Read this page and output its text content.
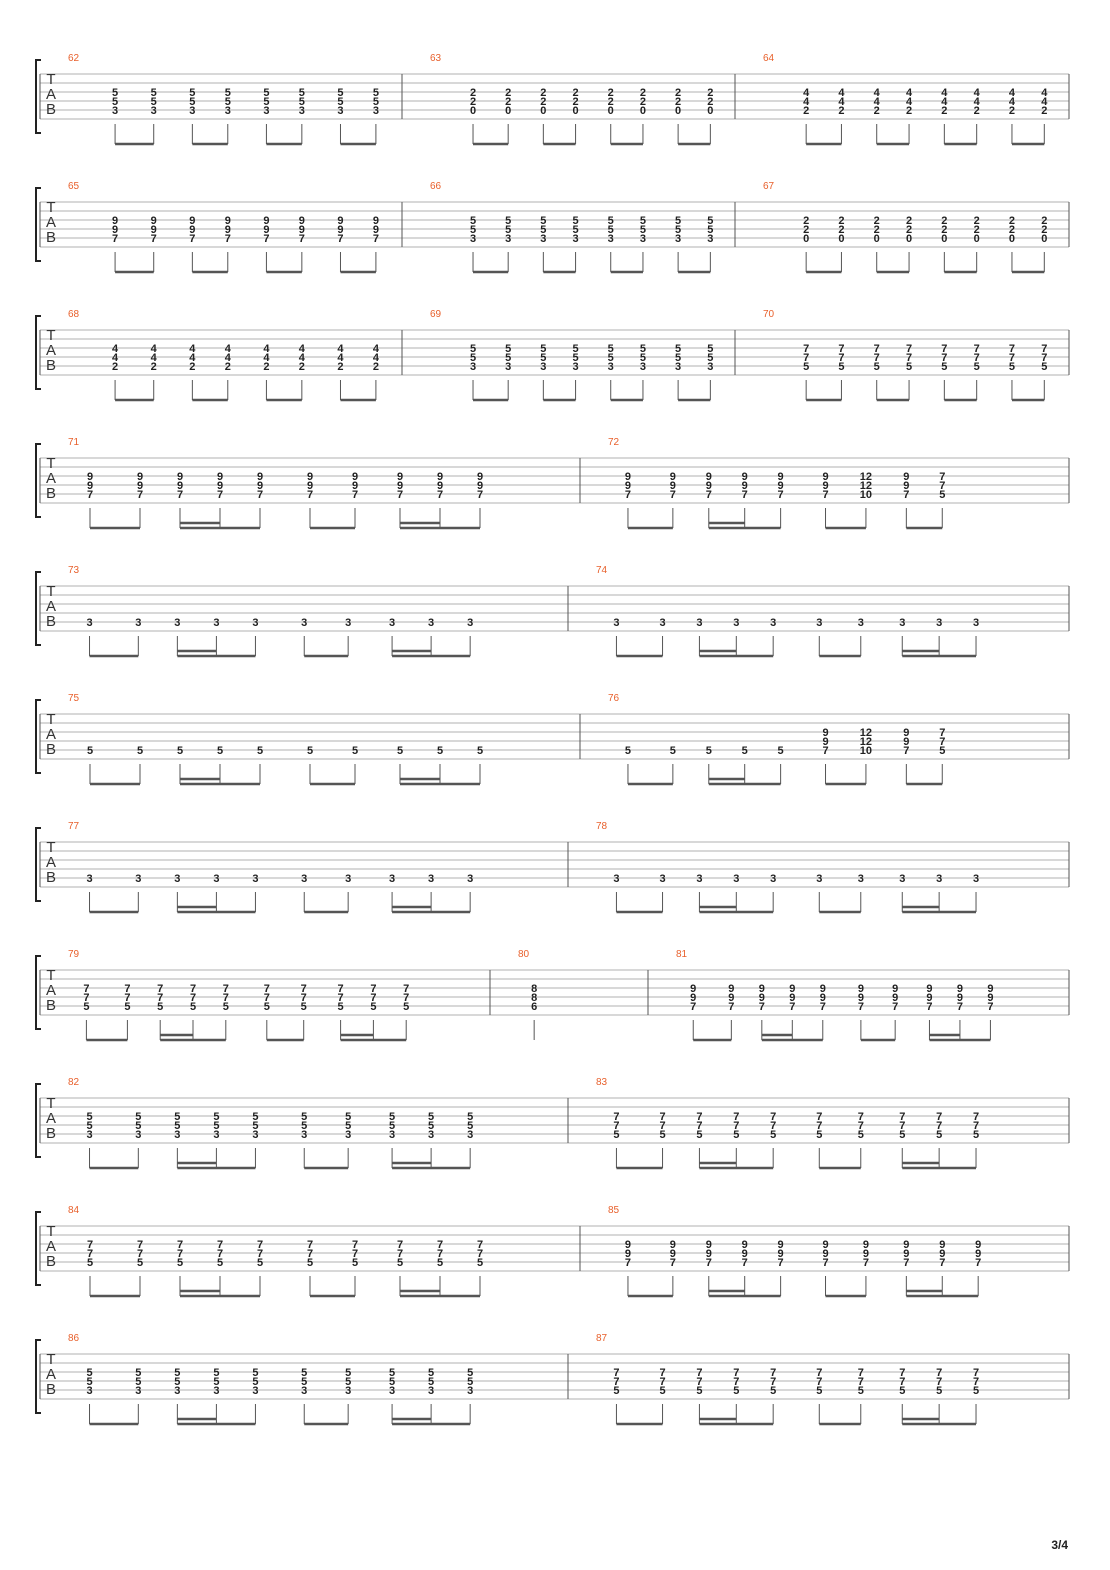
T
A
B
62
5
5
3
5
5
3
5
5
3
5
5
3
5
5
3
5
5
3
5
5
3
5
5
3
63
2
2
0
2
2
0
2
2
0
2
2
0
2
2
0
2
2
0
2
2
0
2
2
0
64
4
4
2
4
4
2
4
4
2
4
4
2
4
4
2
4
4
2
4
4
2
4
4
2
T
A
B
65
9
9
7
9
9
7
9
9
7
9
9
7
9
9
7
9
9
7
9
9
7
9
9
7
66
5
5
3
5
5
3
5
5
3
5
5
3
5
5
3
5
5
3
5
5
3
5
5
3
67
2
2
0
2
2
0
2
2
0
2
2
0
2
2
0
2
2
0
2
2
0
2
2
0
T
A
B
68
4
4
2
4
4
2
4
4
2
4
4
2
4
4
2
4
4
2
4
4
2
4
4
2
69
5
5
3
5
5
3
5
5
3
5
5
3
5
5
3
5
5
3
5
5
3
5
5
3
70
7
7
5
7
7
5
7
7
5
7
7
5
7
7
5
7
7
5
7
7
5
7
7
5
T
A
B
71
9
9
7
9
9
7
9
9
7
9
9
7
9
9
7
9
9
7
9
9
7
9
9
7
9
9
7
9
9
7
72
9
9
7
9
9
7
9
9
7
9
9
7
9
9
7
9
9
7
12
12
10
9
9
7
7
7
5
T
A
B
73
3	3	3	3	3	3	3	3	3	3
74
3	3	3	3	3	3	3	3	3	3
T
A
B
75
5	5	5	5	5	5	5	5	5	5
76
5	5	5	5	5
9
9
7
12
12
10
9
9
7
7
7
5
T
A
B
77
3	3	3	3	3	3	3	3	3	3
78
3	3	3	3	3	3	3	3	3	3
T
A
B
79
7
7
5
7
7
5
7
7
5
7
7
5
7
7
5
7
7
5
7
7
5
7
7
5
7
7
5
7
7
5
80
8
8
6
81
9
9
7
9
9
7
9
9
7
9
9
7
9
9
7
9
9
7
9
9
7
9
9
7
9
9
7
9
9
7
T
A
B
82
5
5
3
5
5
3
5
5
3
5
5
3
5
5
3
5
5
3
5
5
3
5
5
3
5
5
3
5
5
3
83
7
7
5
7
7
5
7
7
5
7
7
5
7
7
5
7
7
5
7
7
5
7
7
5
7
7
5
7
7
5
T
A
B
84
7
7
5
7
7
5
7
7
5
7
7
5
7
7
5
7
7
5
7
7
5
7
7
5
7
7
5
7
7
5
85
9
9
7
9
9
7
9
9
7
9
9
7
9
9
7
9
9
7
9
9
7
9
9
7
9
9
7
9
9
7
T
A
B
86
5
5
3
5
5
3
5
5
3
5
5
3
5
5
3
5
5
3
5
5
3
5
5
3
5
5
3
5
5
3
87
7
7
5
7
7
5
7
7
5
7
7
5
7
7
5
7
7
5
7
7
5
7
7
5
7
7
5
7
7
5
3/4
